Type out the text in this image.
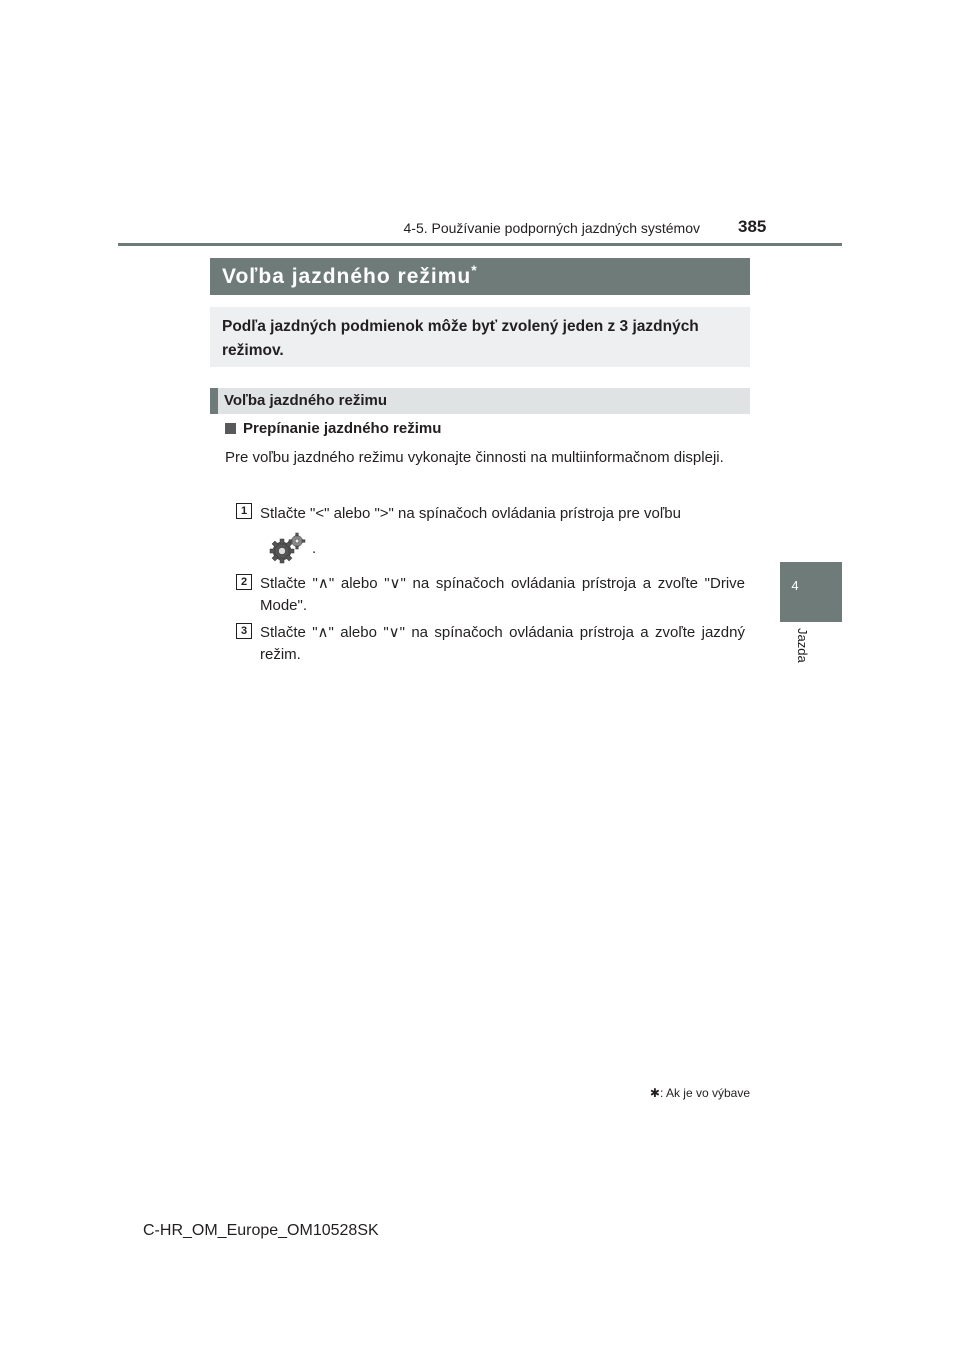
4-5. Používanie podporných jazdných systémov 385
4
Jazda
Voľba jazdného režimu*
Podľa jazdných podmienok môže byť zvolený jeden z 3 jazdných režimov.
Voľba jazdného režimu
Prepínanie jazdného režimu
Pre voľbu jazdného režimu vykonajte činnosti na multiinformačnom displeji.
1 Stlačte "<" alebo ">" na spínačoch ovládania prístroja pre voľbu
.
2 Stlačte "∧" alebo "∨" na spínačoch ovládania prístroja a zvoľte "Drive Mode".
3 Stlačte "∧" alebo "∨" na spínačoch ovládania prístroja a zvoľte jazdný režim.
✱: Ak je vo výbave
C-HR_OM_Europe_OM10528SK
